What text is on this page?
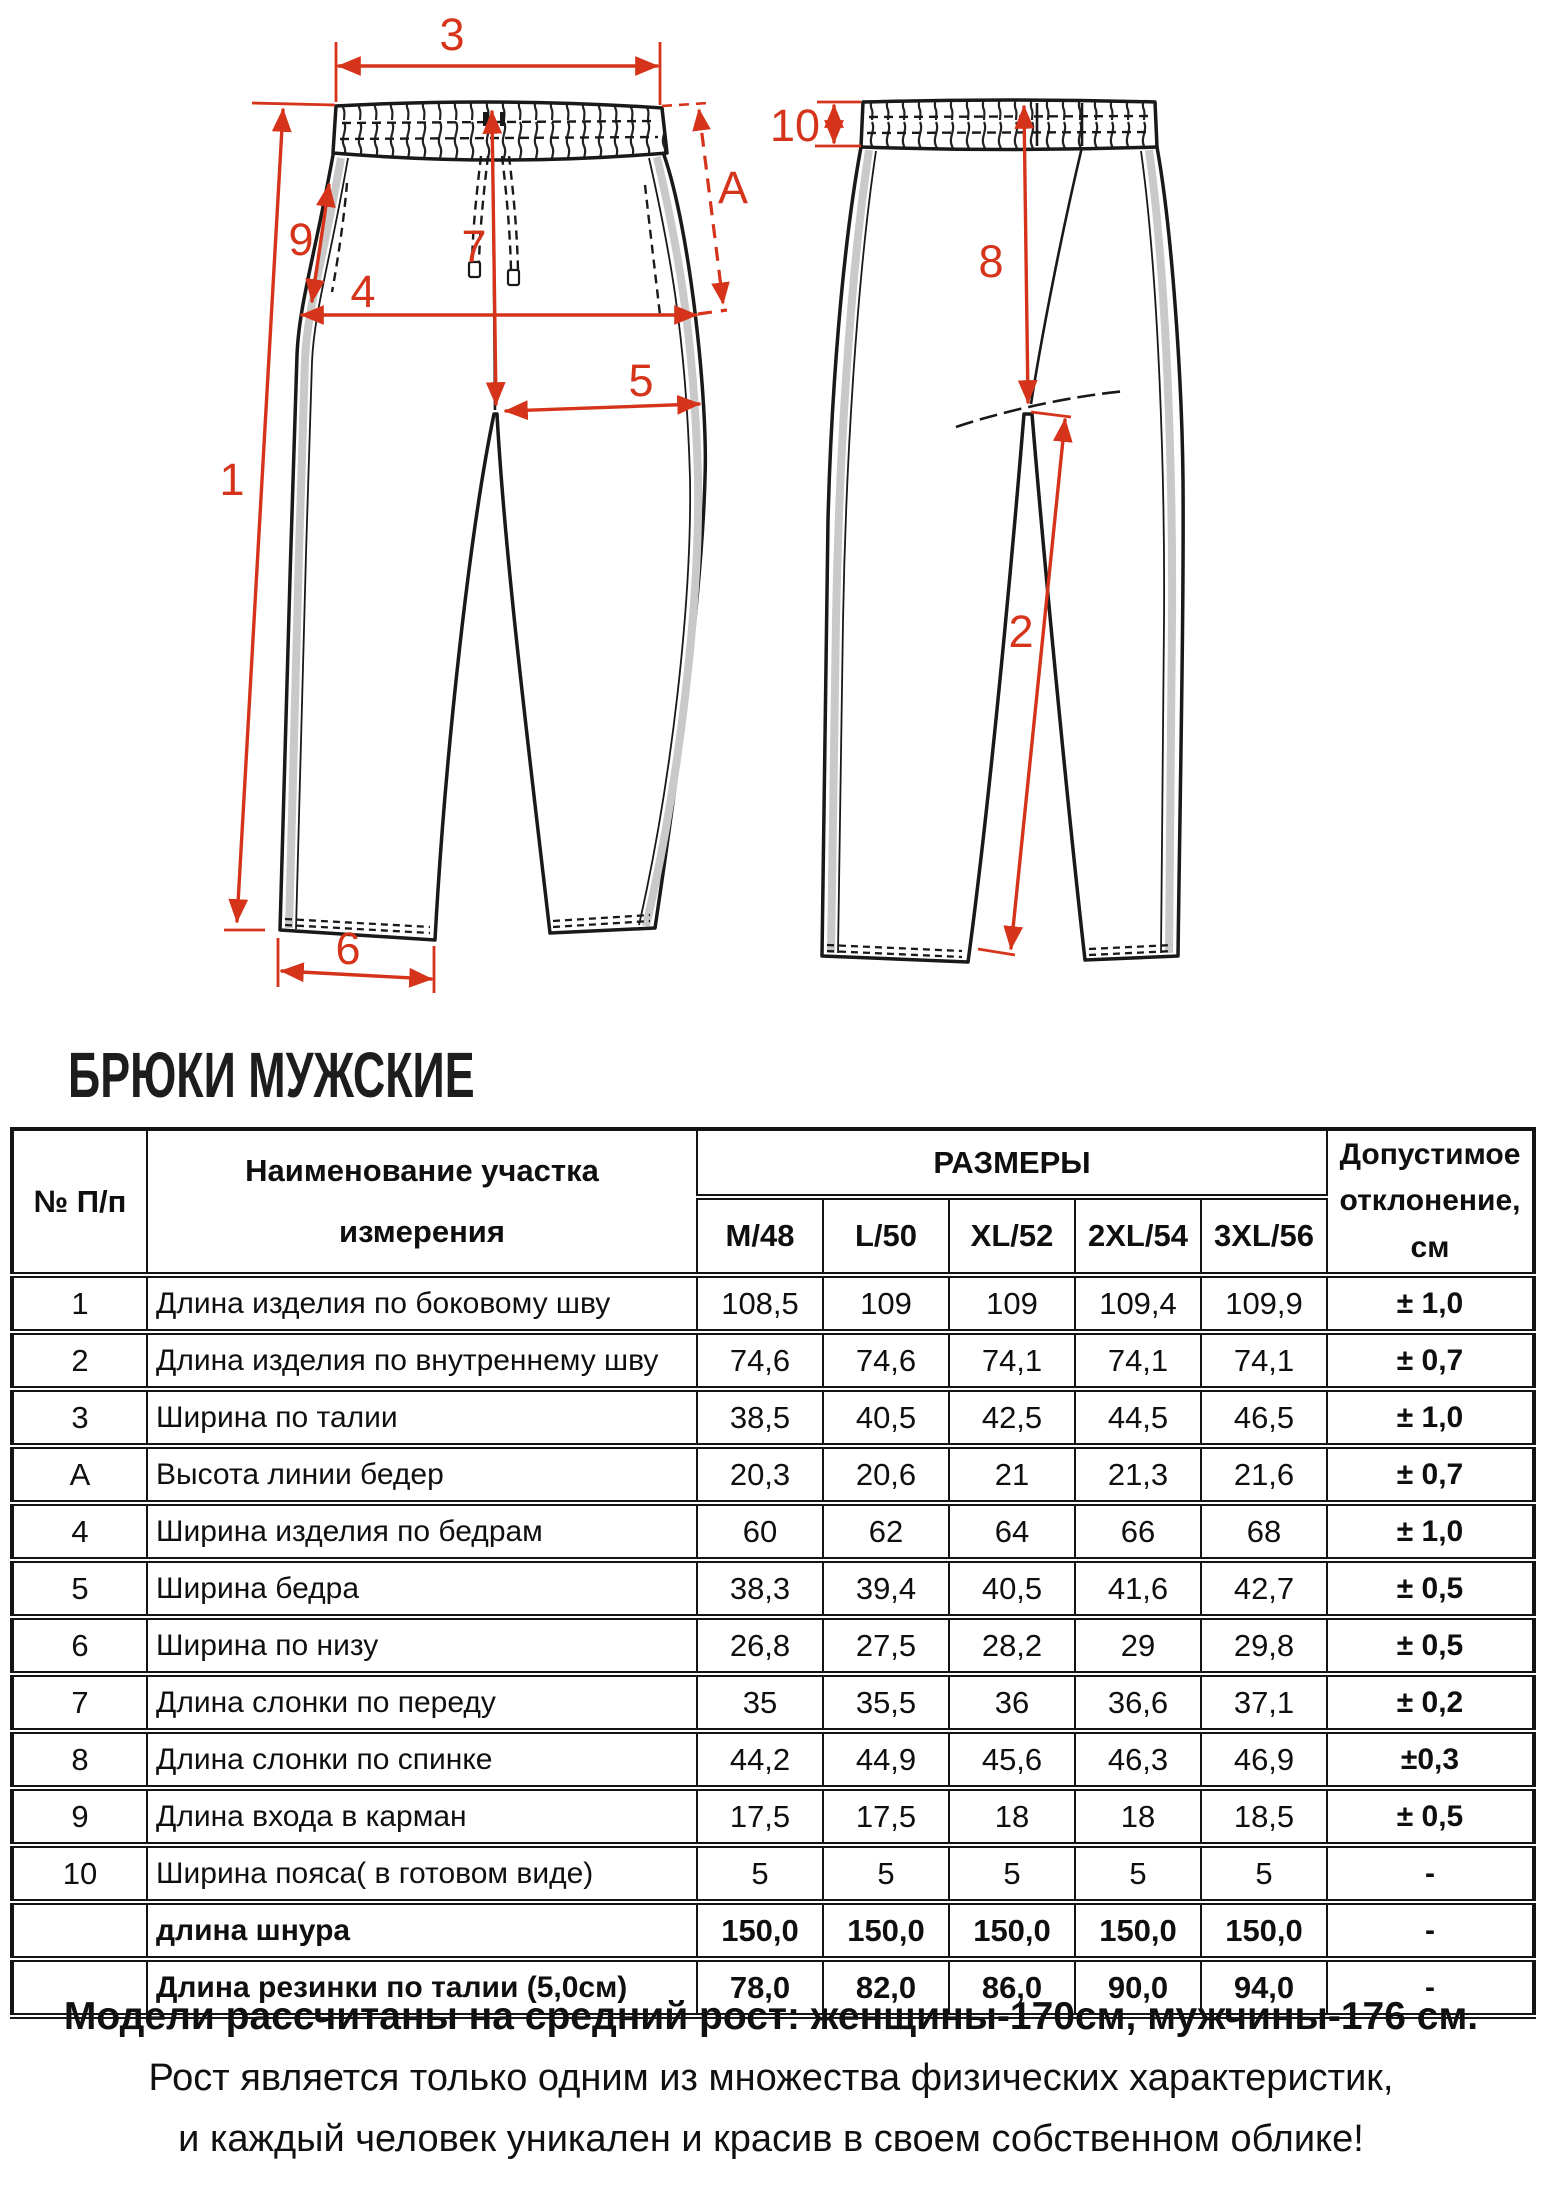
3
А
9	7
4
5
1
6
10
8
2
БРЮКИ МУЖСКИЕ
№ П/п	Наименование участка измерения	РАЗМЕРЫ					Допустимое отклонение, см

		М/48	L/50	XL/52	2XL/54	3XL/56	
1	Длина изделия по боковому шву	108,5	109	109	109,4	109,9	± 1,0
2	Длина изделия по внутреннему шву	74,6	74,6	74,1	74,1	74,1	± 0,7
3	Ширина по талии	38,5	40,5	42,5	44,5	46,5	± 1,0
А	Высота линии бедер	20,3	20,6	21	21,3	21,6	± 0,7
4	Ширина изделия по бедрам	60	62	64	66	68	± 1,0
5	Ширина бедра	38,3	39,4	40,5	41,6	42,7	± 0,5
6	Ширина по низу	26,8	27,5	28,2	29	29,8	± 0,5
7	Длина слонки по переду	35	35,5	36	36,6	37,1	± 0,2
8	Длина слонки по спинке	44,2	44,9	45,6	46,3	46,9	±0,3
9	Длина входа в карман	17,5	17,5	18	18	18,5	± 0,5
10	Ширина пояса( в готовом виде)	5	5	5	5	5	-
	длина шнура	150,0	150,0	150,0	150,0	150,0	-
	Длина резинки по талии (5,0см)	78,0	82,0	86,0	90,0	94,0	-

Модели рассчитаны на средний рост: женщины-170см, мужчины-176 см.

Рост является только одним из множества физических характеристик,

и каждый человек уникален и красив в своем собственном облике!
